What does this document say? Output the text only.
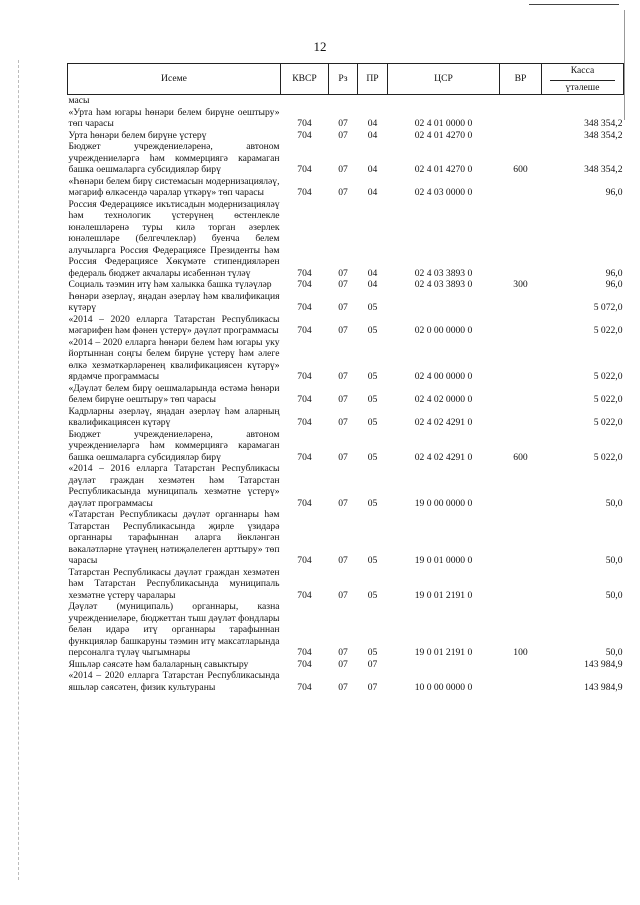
12
Исеме	КВСР	Рз	ПР	ЦСР	ВР	Касса
үтәлеше

масы						
«Урта һәм югары һөнәри белем бирүне оештыру» төп чарасы	704	07	04	02 4 01 0000 0		348 354,2
Урта һөнәри белем бирүне үстерү	704	07	04	02 4 01 4270 0		348 354,2
Бюджет учреждениеләренә, автоном учреждениеләргә һәм коммерциягә карамаган башка оешмаларга субсидияләр бирү	704	07	04	02 4 01 4270 0	600	348 354,2
«Һөнәри белем бирү системасын модернизацияләү, мәгариф өлкәсендә чаралар үткәрү» төп чарасы	704	07	04	02 4 03 0000 0		96,0
Россия Федерациясе икътисадын модернизацияләү һәм технологик үстерүнең өстенлекле юнәлешләренә туры килә торган әзерлек юнәлешләре (белгечлекләр) буенча белем алучыларга Россия Федерациясе Президенты һәм Россия Федерациясе Хөкүмәте стипендияләрен федераль бюджет акчалары исәбеннән түләү	704	07	04	02 4 03 3893 0		96,0
Социаль тәэмин итү һәм халыкка башка түләүләр	704	07	04	02 4 03 3893 0	300	96,0
Һөнәри әзерләү, яңадан әзерләү һәм квалификация күтәрү	704	07	05			5 072,0
«2014 – 2020 елларга Татарстан Республикасы мәгарифен һәм фәнен үстерү» дәүләт программасы	704	07	05	02 0 00 0000 0		5 022,0
«2014 – 2020 елларга һөнәри белем һәм югары уку йортыннан соңгы белем бирүне үстерү һәм әлеге өлкә хезмәткәрләренең квалификациясен күтәрү» ярдәмче программасы	704	07	05	02 4 00 0000 0		5 022,0
«Дәүләт белем бирү оешмаларында өстәмә һөнәри белем бирүне оештыру» төп чарасы	704	07	05	02 4 02 0000 0		5 022,0
Кадрларны әзерләү, яңадан әзерләү һәм аларның квалификациясен күтәрү	704	07	05	02 4 02 4291 0		5 022,0
Бюджет учреждениеләренә, автоном учреждениеләргә һәм коммерциягә карамаган башка оешмаларга субсидияләр бирү	704	07	05	02 4 02 4291 0	600	5 022,0
«2014 – 2016 елларга Татарстан Республикасы дәүләт граждан хезмәтен һәм Татарстан Республикасында муниципаль хезмәтне үстерү» дәүләт программасы	704	07	05	19 0 00 0000 0		50,0
«Татарстан Республикасы дәүләт органнары һәм Татарстан Республикасында җирле үзидарә органнары тарафыннан аларга йөкләнгән вәкаләтләрне үтәүнең нәтиҗәлелеген арттыру» төп чарасы	704	07	05	19 0 01 0000 0		50,0
Татарстан Республикасы дәүләт граждан хезмәтен һәм Татарстан Республикасында муниципаль хезмәтне үстерү чаралары	704	07	05	19 0 01 2191 0		50,0
Дәүләт (муниципаль) органнары, казна учреждениеләре, бюджеттан тыш дәүләт фондлары белән идарә итү органнары тарафыннан функцияләр башкаруны тәэмин итү максатларында персоналга түләү чыгымнары	704	07	05	19 0 01 2191 0	100	50,0
Яшьләр сәясәте һәм балаларның савыктыру	704	07	07			143 984,9
«2014 – 2020 елларга Татарстан Республикасында яшьләр сәясәтен, физик культураны	704	07	07	10 0 00 0000 0		143 984,9
